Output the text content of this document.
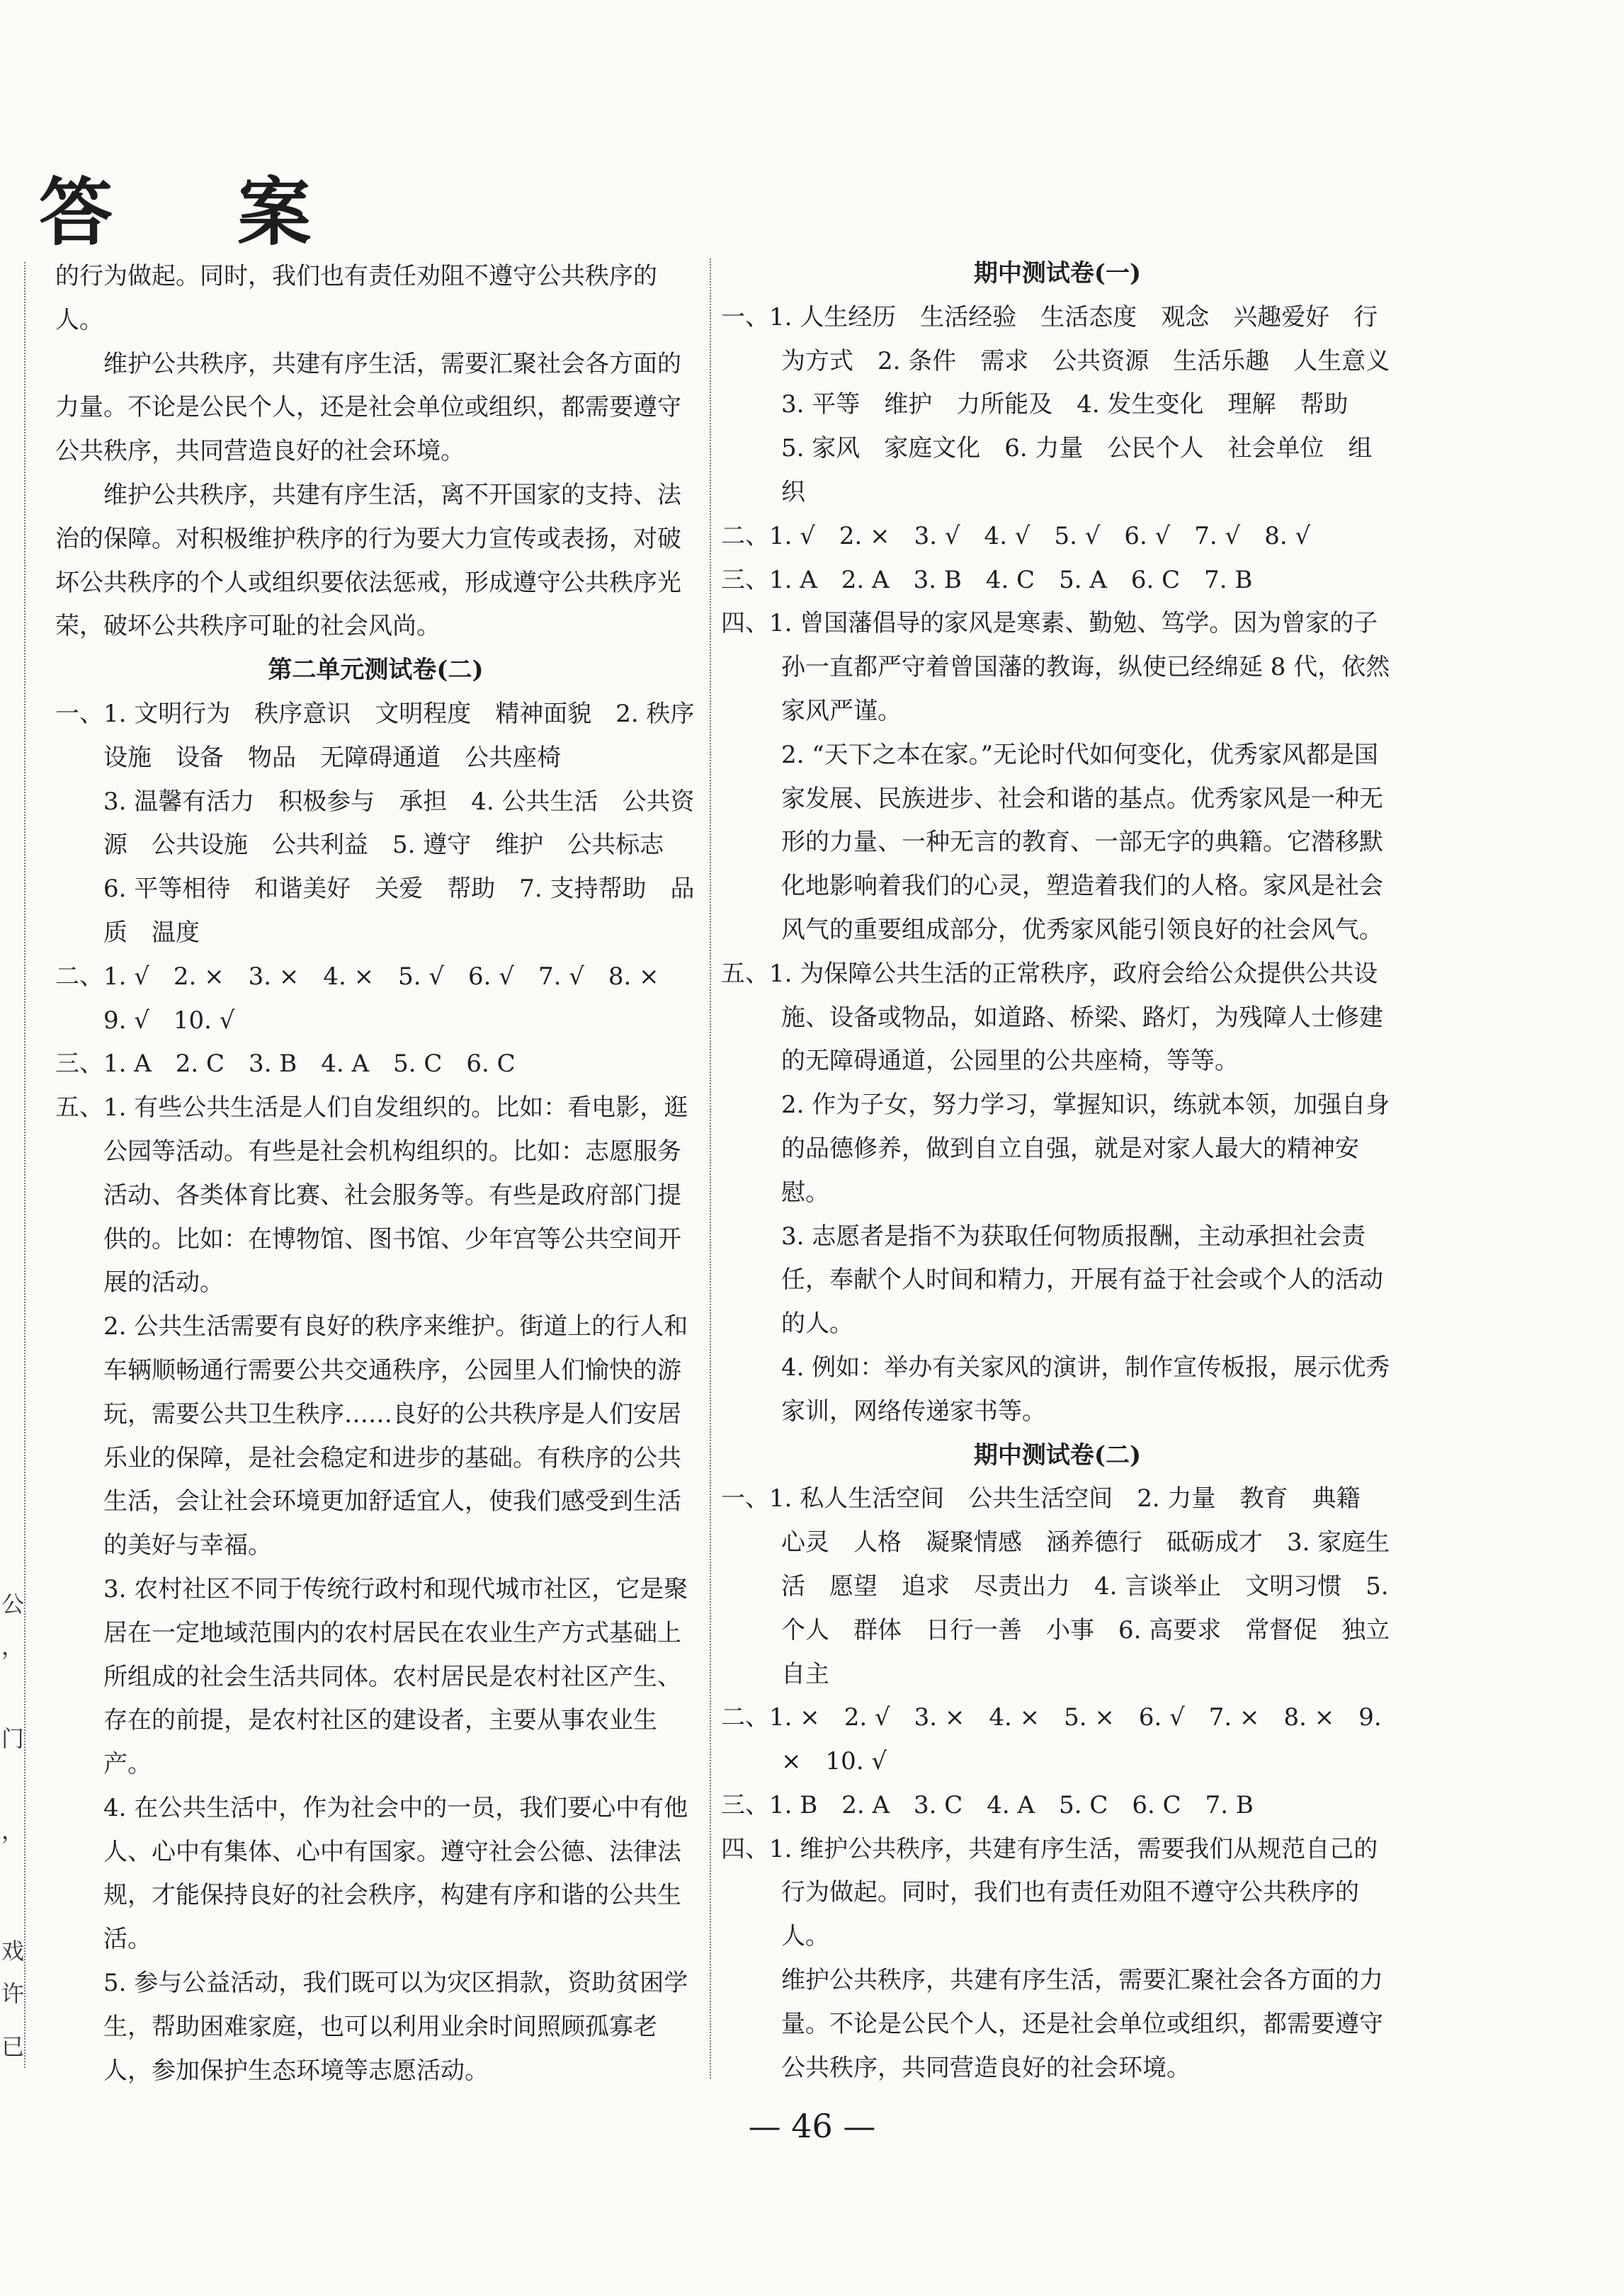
答 案
公
，
门
，
戏
许
已

的行为做起。同时，我们也有责任劝阻不遵守公共秩序的人。

维护公共秩序，共建有序生活，需要汇聚社会各方面的力量。不论是公民个人，还是社会单位或组织，都需要遵守公共秩序，共同营造良好的社会环境。

维护公共秩序，共建有序生活，离不开国家的支持、法治的保障。对积极维护秩序的行为要大力宣传或表扬，对破坏公共秩序的个人或组织要依法惩戒，形成遵守公共秩序光荣，破坏公共秩序可耻的社会风尚。

第二单元测试卷(二)

一、1. 文明行为　秩序意识　文明程度　精神面貌　2. 秩序　设施　设备　物品　无障碍通道　公共座椅

3. 温馨有活力　积极参与　承担　4. 公共生活　公共资源　公共设施　公共利益　5. 遵守　维护　公共标志　6. 平等相待　和谐美好　关爱　帮助　7. 支持帮助　品质　温度

二、1. √　2. ×　3. ×　4. ×　5. √　6. √　7. √　8. ×　9. √　10. √

三、1. A　2. C　3. B　4. A　5. C　6. C

五、1. 有些公共生活是人们自发组织的。比如：看电影，逛公园等活动。有些是社会机构组织的。比如：志愿服务活动、各类体育比赛、社会服务等。有些是政府部门提供的。比如：在博物馆、图书馆、少年宫等公共空间开展的活动。

2. 公共生活需要有良好的秩序来维护。街道上的行人和车辆顺畅通行需要公共交通秩序，公园里人们愉快的游玩，需要公共卫生秩序……良好的公共秩序是人们安居乐业的保障，是社会稳定和进步的基础。有秩序的公共生活，会让社会环境更加舒适宜人，使我们感受到生活的美好与幸福。

3. 农村社区不同于传统行政村和现代城市社区，它是聚居在一定地域范围内的农村居民在农业生产方式基础上所组成的社会生活共同体。农村居民是农村社区产生、存在的前提，是农村社区的建设者，主要从事农业生产。

4. 在公共生活中，作为社会中的一员，我们要心中有他人、心中有集体、心中有国家。遵守社会公德、法律法规，才能保持良好的社会秩序，构建有序和谐的公共生活。

5. 参与公益活动，我们既可以为灾区捐款，资助贫困学生，帮助困难家庭，也可以利用业余时间照顾孤寡老人，参加保护生态环境等志愿活动。

期中测试卷(一)

一、1. 人生经历　生活经验　生活态度　观念　兴趣爱好　行为方式　2. 条件　需求　公共资源　生活乐趣　人生意义　3. 平等　维护　力所能及　4. 发生变化　理解　帮助　5. 家风　家庭文化　6. 力量　公民个人　社会单位　组织

二、1. √　2. ×　3. √　4. √　5. √　6. √　7. √　8. √

三、1. A　2. A　3. B　4. C　5. A　6. C　7. B

四、1. 曾国藩倡导的家风是寒素、勤勉、笃学。因为曾家的子孙一直都严守着曾国藩的教诲，纵使已经绵延 8 代，依然家风严谨。

2. “天下之本在家。”无论时代如何变化，优秀家风都是国家发展、民族进步、社会和谐的基点。优秀家风是一种无形的力量、一种无言的教育、一部无字的典籍。它潜移默化地影响着我们的心灵，塑造着我们的人格。家风是社会风气的重要组成部分，优秀家风能引领良好的社会风气。

五、1. 为保障公共生活的正常秩序，政府会给公众提供公共设施、设备或物品，如道路、桥梁、路灯，为残障人士修建的无障碍通道，公园里的公共座椅，等等。

2. 作为子女，努力学习，掌握知识，练就本领，加强自身的品德修养，做到自立自强，就是对家人最大的精神安慰。

3. 志愿者是指不为获取任何物质报酬，主动承担社会责任，奉献个人时间和精力，开展有益于社会或个人的活动的人。

4. 例如：举办有关家风的演讲，制作宣传板报，展示优秀家训，网络传递家书等。

期中测试卷(二)

一、1. 私人生活空间　公共生活空间　2. 力量　教育　典籍　心灵　人格　凝聚情感　涵养德行　砥砺成才　3. 家庭生活　愿望　追求　尽责出力　4. 言谈举止　文明习惯　5. 个人　群体　日行一善　小事　6. 高要求　常督促　独立　自主

二、1. ×　2. √　3. ×　4. ×　5. ×　6. √　7. ×　8. ×　9. ×　10. √

三、1. B　2. A　3. C　4. A　5. C　6. C　7. B

四、1. 维护公共秩序，共建有序生活，需要我们从规范自己的行为做起。同时，我们也有责任劝阻不遵守公共秩序的人。

维护公共秩序，共建有序生活，需要汇聚社会各方面的力量。不论是公民个人，还是社会单位或组织，都需要遵守公共秩序，共同营造良好的社会环境。

— 46 —
